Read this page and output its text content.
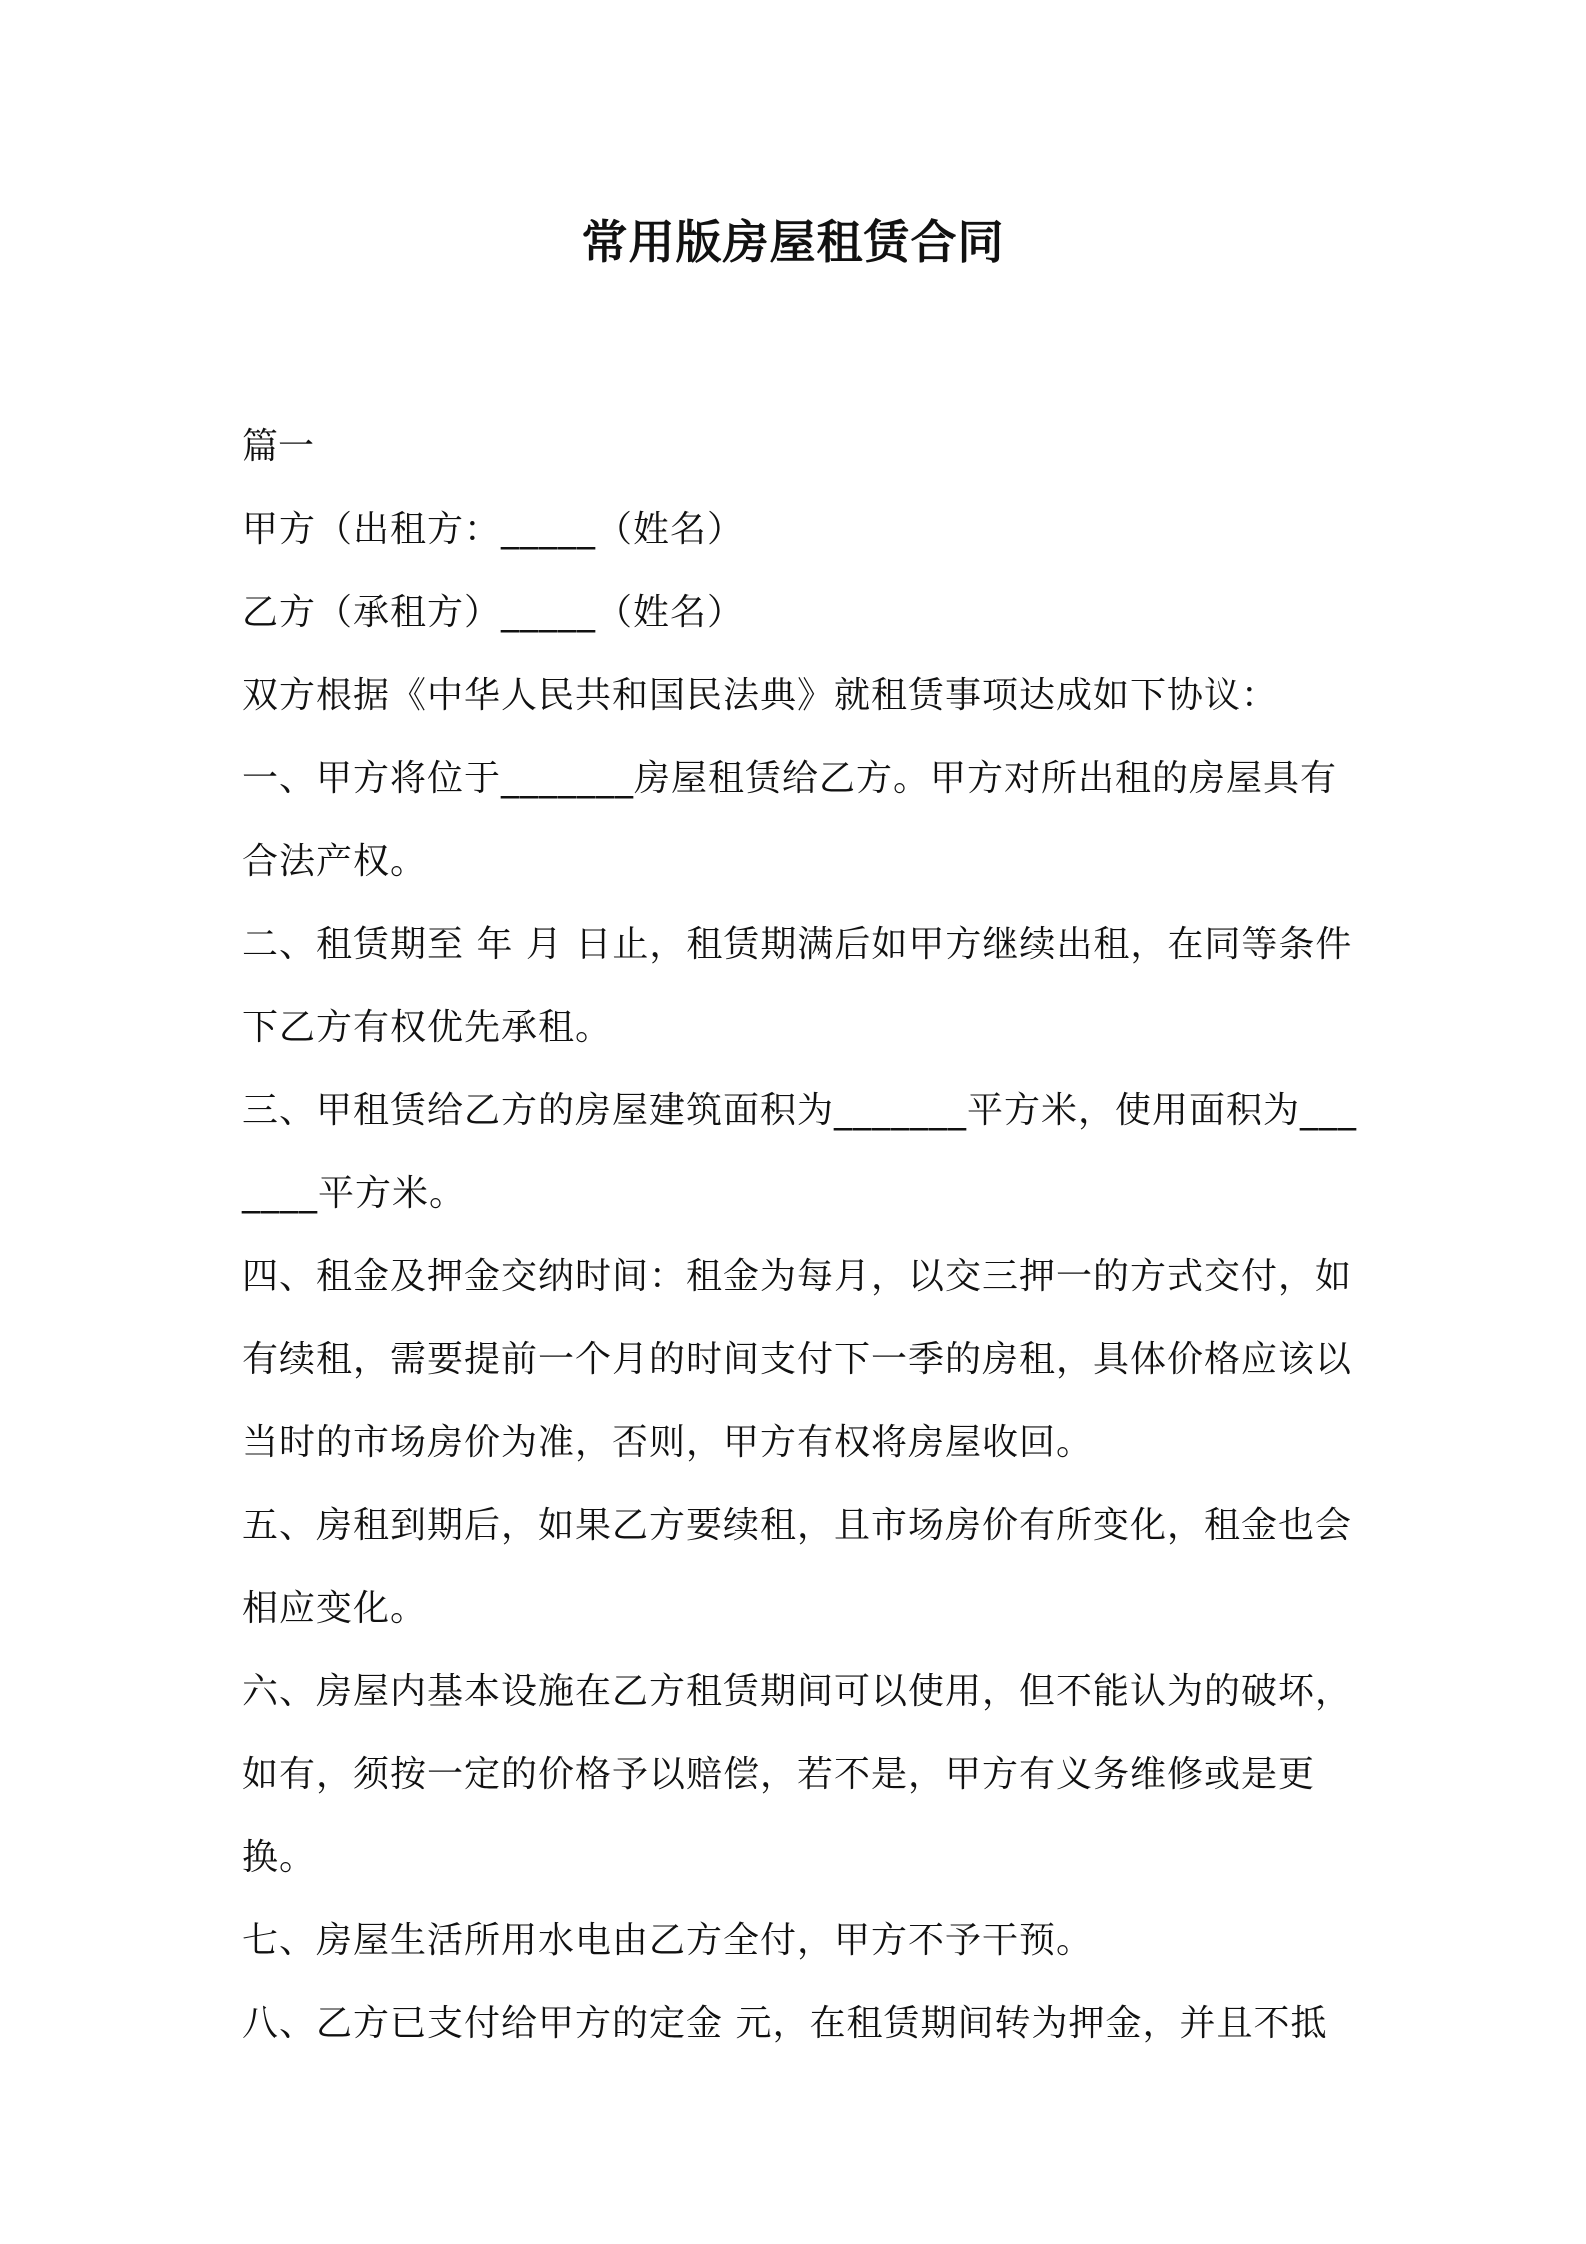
常用版房屋租赁合同

篇一

甲方（出租方：_____（姓名）

乙方（承租方）_____（姓名）

双方根据《中华人民共和国民法典》就租赁事项达成如下协议：

一、甲方将位于_______房屋租赁给乙方。甲方对所出租的房屋具有合法产权。

二、租赁期至 年 月 日止，租赁期满后如甲方继续出租，在同等条件下乙方有权优先承租。

三、甲租赁给乙方的房屋建筑面积为_______平方米，使用面积为_______平方米。

四、租金及押金交纳时间：租金为每月，以交三押一的方式交付，如有续租，需要提前一个月的时间支付下一季的房租，具体价格应该以当时的市场房价为准，否则，甲方有权将房屋收回。

五、房租到期后，如果乙方要续租，且市场房价有所变化，租金也会相应变化。

六、房屋内基本设施在乙方租赁期间可以使用，但不能认为的破坏，如有，须按一定的价格予以赔偿，若不是，甲方有义务维修或是更换。

七、房屋生活所用水电由乙方全付，甲方不予干预。

八、乙方已支付给甲方的定金 元，在租赁期间转为押金，并且不抵
